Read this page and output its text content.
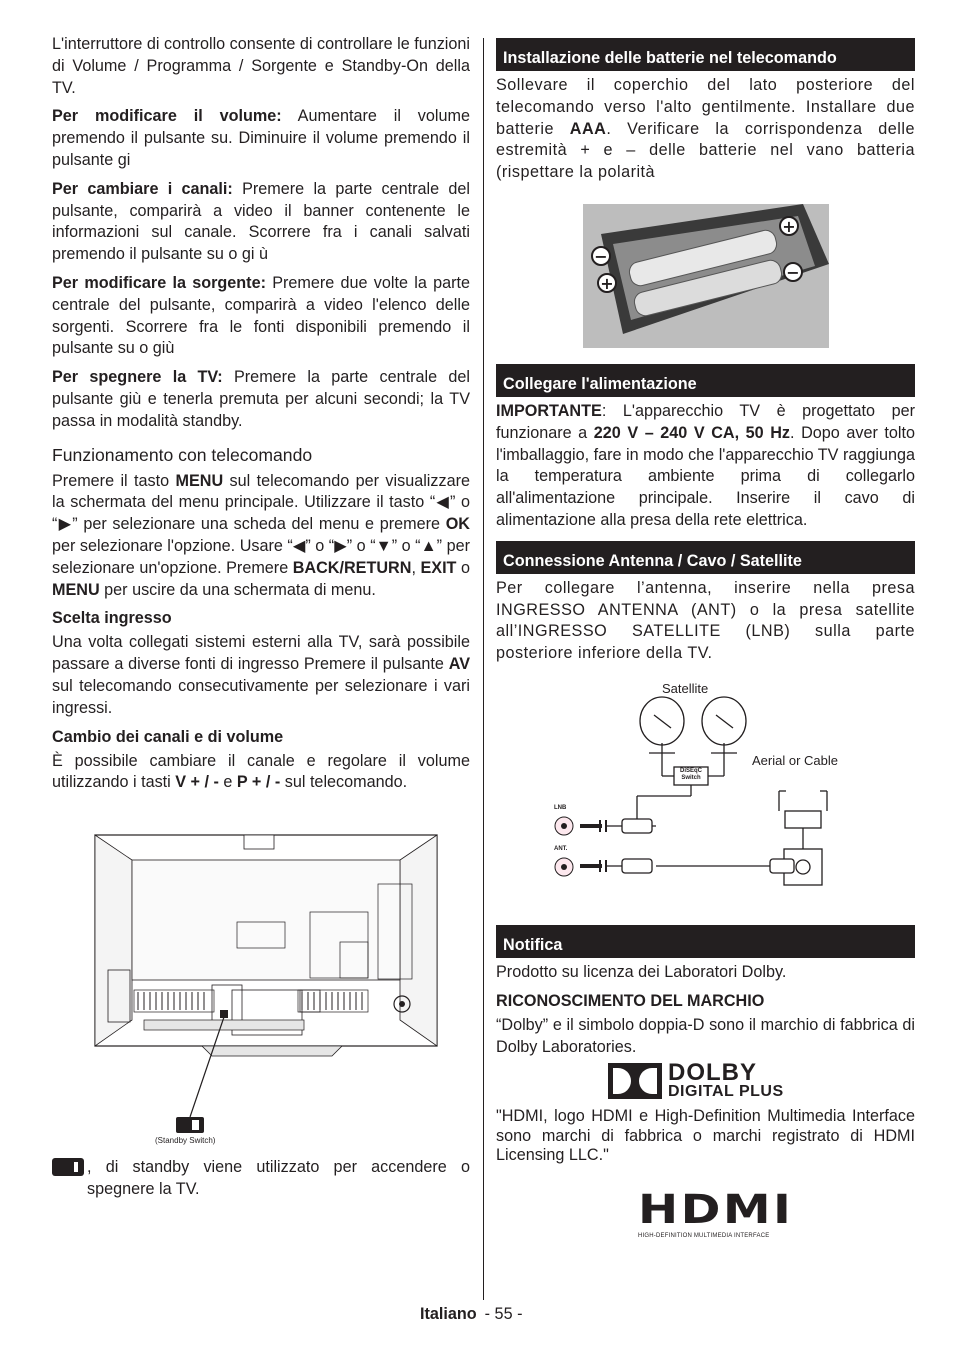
L'interruttore di controllo consente di controllare le funzioni di Volume / Programma / Sorgente e Standby-On della TV.

Per modificare il volume: Aumentare il volume premendo il pulsante su. Diminuire il volume premendo il pulsante gi

Per cambiare i canali: Premere la parte centrale del pulsante, comparirà a video il banner contenente le informazioni sul canale. Scorrere fra i canali salvati premendo il pulsante su o gi ù

Per modificare la sorgente: Premere due volte la parte centrale del pulsante, comparirà a video l'elenco delle sorgenti. Scorrere fra le fonti disponibili premendo il pulsante su o giù

Per spegnere la TV: Premere la parte centrale del pulsante giù e tenerla premuta per alcuni secondi; la TV passa in modalità standby.

Funzionamento con telecomando

Premere il tasto MENU sul telecomando per visualizzare la schermata del menu principale. Utilizzare il tasto “◀” o “▶” per selezionare una scheda del menu e premere OK per selezionare l'opzione. Usare “◀” o “▶” o “▼” o “▲” per selezionare un'opzione. Premere BACK/RETURN, EXIT o MENU per uscire da una schermata di menu.

Scelta ingresso

Una volta collegati sistemi esterni alla TV, sarà possibile passare a diverse fonti di ingresso Premere il pulsante AV sul telecomando consecutivamente per selezionare i vari ingressi.

Cambio dei canali e di volume

È possibile cambiare il canale e regolare il volume utilizzando i tasti V + / - e P + / - sul telecomando.

(Standby Switch)

, di standby viene utilizzato per accendere o spegnere la TV.

Installazione delle batterie nel telecomando

Sollevare il coperchio del lato posteriore del telecomando verso l'alto gentilmente. Installare due batterie AAA. Verificare la corrispondenza delle estremità + e – delle batterie nel vano batteria (rispettare la polarità

+
−
+
−
Collegare l'alimentazione

IMPORTANTE: L'apparecchio TV è progettato per funzionare a 220 V – 240 V CA, 50 Hz. Dopo aver tolto l'imballaggio, fare in modo che l'apparecchio TV raggiunga la temperatura ambiente prima di collegarlo all'alimentazione principale. Inserire il cavo di alimentazione alla presa della rete elettrica.

Connessione Antenna / Cavo / Satellite

Per collegare l’antenna, inserire nella presa INGRESSO ANTENNA (ANT) o la presa satellite all’INGRESSO SATELLITE (LNB) sulla parte posteriore inferiore della TV.

Satellite
Aerial or Cable
DiSEqC
Switch
LNB
ANT.
Notifica

Prodotto su licenza dei Laboratori Dolby.

RICONOSCIMENTO DEL MARCHIO

“Dolby” e il simbolo doppia-D sono il marchio di fabbrica di Dolby Laboratories.

DOLBY
DIGITAL PLUS

"HDMI, logo HDMI e High-Definition Multimedia Interface sono marchi di fabbrica o marchi registrato di HDMI Licensing LLC."

HDMI
HIGH-DEFINITION MULTIMEDIA INTERFACE
Italiano - 55 -
